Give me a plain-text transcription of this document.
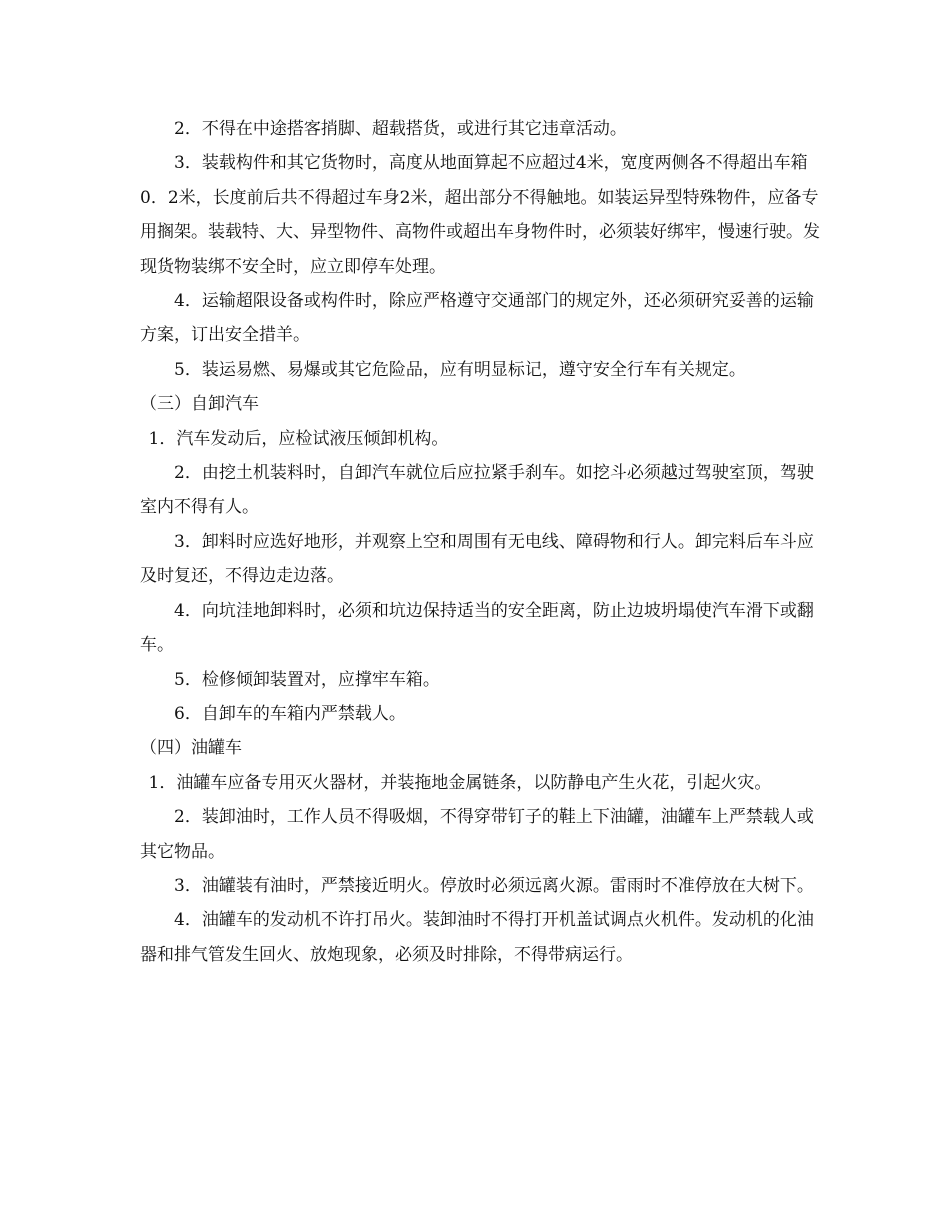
2．不得在中途搭客捎脚、超载搭货，或进行其它违章活动。

3．装载构件和其它货物时，高度从地面算起不应超过4米，宽度两侧各不得超出车箱0．2米，长度前后共不得超过车身2米，超出部分不得触地。如装运异型特殊物件，应备专用搁架。装载特、大、异型物件、高物件或超出车身物件时，必须装好绑牢，慢速行驶。发现货物装绑不安全时，应立即停车处理。

4．运输超限设备或构件时，除应严格遵守交通部门的规定外，还必须研究妥善的运输方案，订出安全措羊。

5．装运易燃、易爆或其它危险品，应有明显标记，遵守安全行车有关规定。

（三）自卸汽车

1．汽车发动后，应检试液压倾卸机构。

2．由挖土机装料时，自卸汽车就位后应拉紧手刹车。如挖斗必须越过驾驶室顶，驾驶室内不得有人。

3．卸料时应选好地形，并观察上空和周围有无电线、障碍物和行人。卸完料后车斗应及时复还，不得边走边落。

4．向坑洼地卸料时，必须和坑边保持适当的安全距离，防止边坡坍塌使汽车滑下或翻车。

5．检修倾卸装置对，应撑牢车箱。

6．自卸车的车箱内严禁载人。

（四）油罐车

1．油罐车应备专用灭火器材，并装拖地金属链条，以防静电产生火花，引起火灾。

2．装卸油时，工作人员不得吸烟，不得穿带钉子的鞋上下油罐，油罐车上严禁载人或其它物品。

3．油罐装有油时，严禁接近明火。停放时必须远离火源。雷雨时不准停放在大树下。

4．油罐车的发动机不许打吊火。装卸油时不得打开机盖试调点火机件。发动机的化油器和排气管发生回火、放炮现象，必须及时排除，不得带病运行。
